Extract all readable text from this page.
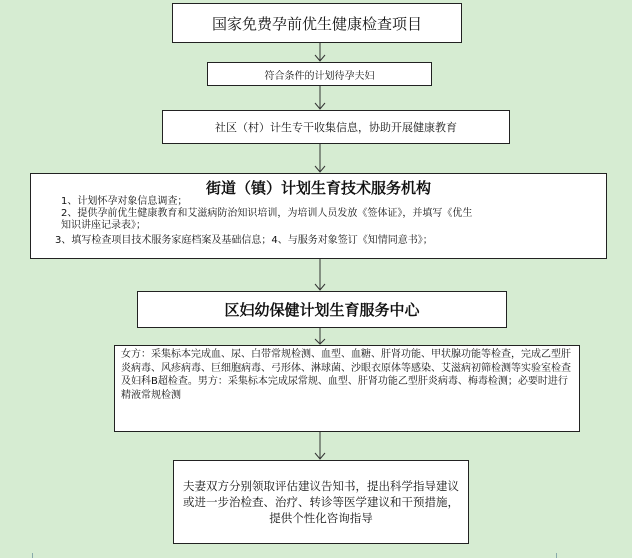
国家免费孕前优生健康检查项目
符合条件的计划待孕夫妇
社区（村）计生专干收集信息，协助开展健康教育
街道（镇）计划生育技术服务机构
1、计划怀孕对象信息调查；
2、提供孕前优生健康教育和艾滋病防治知识培训，为培训人员发放《签体证》，并填写《优生
知识讲座记录表》；
3、填写检查项目技术服务家庭档案及基础信息；4、与服务对象签订《知情同意书》；
区妇幼保健计划生育服务中心
女方：采集标本完成血、尿、白带常规检测、血型、血糖、肝肾功能、甲状腺功能等检查，完成乙型肝炎病毒、风疹病毒、巨细胞病毒、弓形体、淋球菌、沙眼衣原体等感染、艾滋病初筛检测等实验室检查及妇科B超检查。男方：采集标本完成尿常规、血型、肝肾功能乙型肝炎病毒、梅毒检测；必要时进行精液常规检测
夫妻双方分别领取评估建议告知书，提出科学指导建议或进一步治检查、治疗、转诊等医学建议和干预措施，提供个性化咨询指导
